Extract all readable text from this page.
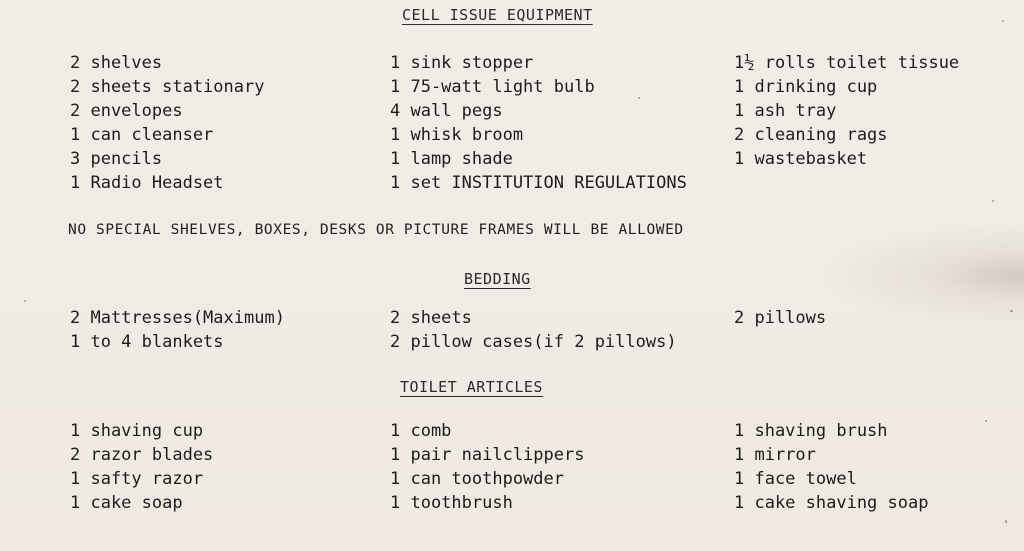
CELL ISSUE EQUIPMENT
2 shelves	1 sink stopper	1½ rolls toilet tissue
2 sheets stationary	1 75-watt light bulb	1 drinking cup
2 envelopes	4 wall pegs	1 ash tray
1 can cleanser	1 whisk broom	2 cleaning rags
3 pencils	1 lamp shade	1 wastebasket
1 Radio Headset	1 set INSTITUTION REGULATIONS
NO SPECIAL SHELVES, BOXES, DESKS OR PICTURE FRAMES WILL BE ALLOWED
BEDDING
2 Mattresses(Maximum)	2 sheets	2 pillows
1 to 4 blankets	2 pillow cases(if 2 pillows)
TOILET ARTICLES
1 shaving cup	1 comb	1 shaving brush
2 razor blades	1 pair nailclippers	1 mirror
1 safty razor	1 can toothpowder	1 face towel
1 cake soap	1 toothbrush	1 cake shaving soap
